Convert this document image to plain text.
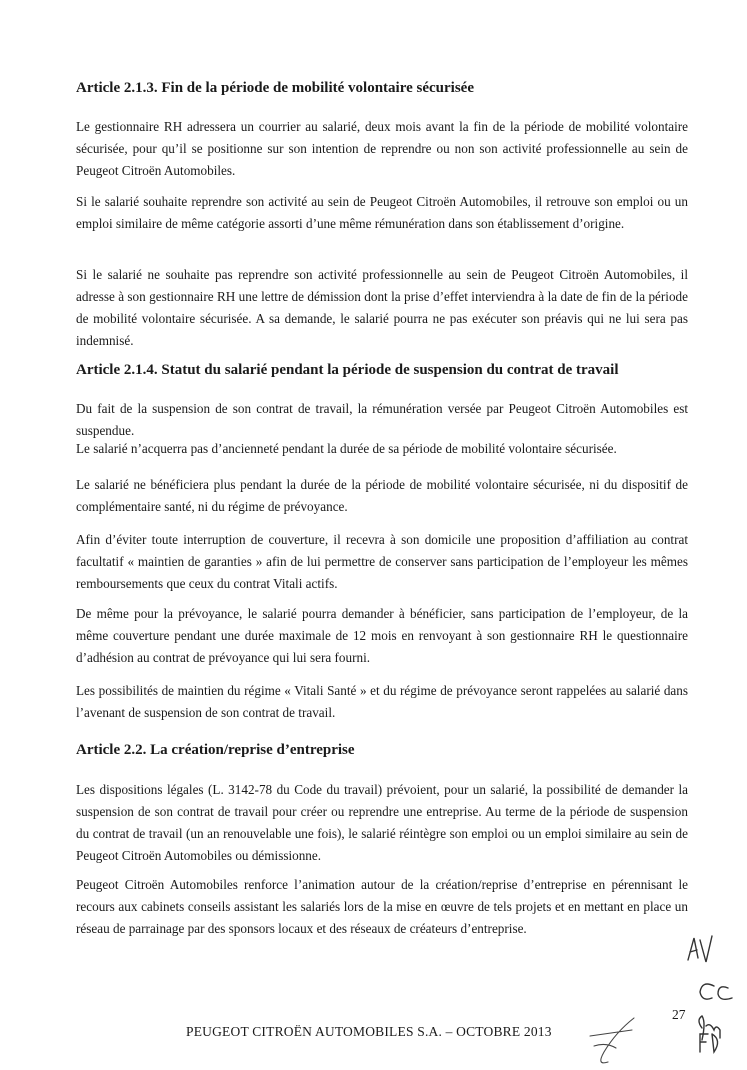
Article 2.1.3. Fin de la période de mobilité volontaire sécurisée

Le gestionnaire RH adressera un courrier au salarié, deux mois avant la fin de la période de mobilité volontaire sécurisée, pour qu’il se positionne sur son intention de reprendre ou non son activité professionnelle au sein de Peugeot Citroën Automobiles.

Si le salarié souhaite reprendre son activité au sein de Peugeot Citroën Automobiles, il retrouve son emploi ou un emploi similaire de même catégorie assorti d’une même rémunération dans son établissement d’origine.

Si le salarié ne souhaite pas reprendre son activité professionnelle au sein de Peugeot Citroën Automobiles, il adresse à son gestionnaire RH une lettre de démission dont la prise d’effet interviendra à la date de fin de la période de mobilité volontaire sécurisée. A sa demande, le salarié pourra ne pas exécuter son préavis qui ne lui sera pas indemnisé.

Article 2.1.4. Statut du salarié pendant la période de suspension du contrat de travail

Du fait de la suspension de son contrat de travail, la rémunération versée par Peugeot Citroën Automobiles est suspendue.

Le salarié n’acquerra pas d’ancienneté pendant la durée de sa période de mobilité volontaire sécurisée.

Le salarié ne bénéficiera plus pendant la durée de la période de mobilité volontaire sécurisée, ni du dispositif de complémentaire santé, ni du régime de prévoyance.

Afin d’éviter toute interruption de couverture, il recevra à son domicile une proposition d’affiliation au contrat facultatif « maintien de garanties » afin de lui permettre de conserver sans participation de l’employeur les mêmes remboursements que ceux du contrat Vitali actifs.

De même pour la prévoyance, le salarié pourra demander à bénéficier, sans participation de l’employeur, de la même couverture pendant une durée maximale de 12 mois en renvoyant à son gestionnaire RH le questionnaire d’adhésion au contrat de prévoyance qui lui sera fourni.

Les possibilités de maintien du régime « Vitali Santé » et du régime de prévoyance seront rappelées au salarié dans l’avenant de suspension de son contrat de travail.

Article 2.2. La création/reprise d’entreprise

Les dispositions légales (L. 3142-78 du Code du travail) prévoient, pour un salarié, la possibilité de demander la suspension de son contrat de travail pour créer ou reprendre une entreprise. Au terme de la période de suspension du contrat de travail (un an renouvelable une fois), le salarié réintègre son emploi ou un emploi similaire au sein de Peugeot Citroën Automobiles ou démissionne.

Peugeot Citroën Automobiles renforce l’animation autour de la création/reprise d’entreprise en pérennisant le recours aux cabinets conseils assistant les salariés lors de la mise en œuvre de tels projets et en mettant en place un réseau de parrainage par des sponsors locaux et des réseaux de créateurs d’entreprise.

27
PEUGEOT CITROËN AUTOMOBILES S.A. – OCTOBRE 2013
